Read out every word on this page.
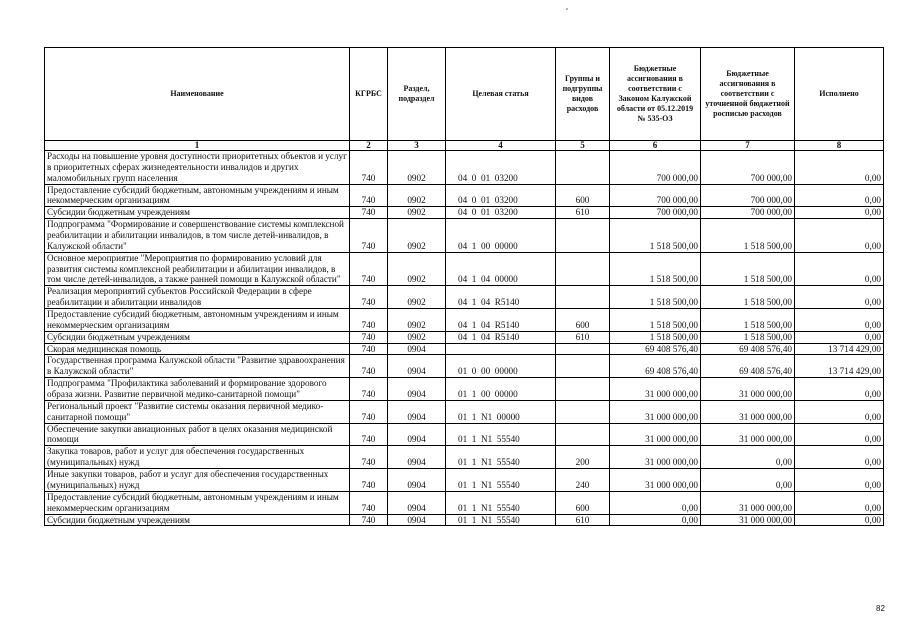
Наименование	КГРБС	Раздел, подраздел	Целевая статья	Группы и подгруппы видов расходов	Бюджетные ассигнования в соответствии с Законом Калужской области от 05.12.2019 № 535-ОЗ	Бюджетные ассигнования в соответствии с уточненной бюджетной росписью расходов	Исполнено
1	2	3	4	5	6	7	8
Расходы на повышение уровня доступности приоритетных объектов и услуг в приоритетных сферах жизнедеятельности инвалидов и других маломобильных групп населения	740	0902	04  0  01  03200		700 000,00	700 000,00	0,00
Предоставление субсидий бюджетным, автономным учреждениям и иным некоммерческим организациям	740	0902	04  0  01  03200	600	700 000,00	700 000,00	0,00
Субсидии бюджетным учреждениям	740	0902	04  0  01  03200	610	700 000,00	700 000,00	0,00
Подпрограмма "Формирование и совершенствование системы комплексной реабилитации и абилитации инвалидов, в том числе детей-инвалидов, в Калужской области"	740	0902	04  1  00  00000		1 518 500,00	1 518 500,00	0,00
Основное мероприятие "Мероприятия по формированию условий для развития системы комплексной реабилитации и абилитации инвалидов, в том числе детей-инвалидов, а также ранней помощи в Калужской области"	740	0902	04  1  04  00000		1 518 500,00	1 518 500,00	0,00
Реализация мероприятий субъектов Российской Федерации в сфере реабилитации и абилитации инвалидов	740	0902	04  1  04  R5140		1 518 500,00	1 518 500,00	0,00
Предоставление субсидий бюджетным, автономным учреждениям и иным некоммерческим организациям	740	0902	04  1  04  R5140	600	1 518 500,00	1 518 500,00	0,00
Субсидии бюджетным учреждениям	740	0902	04  1  04  R5140	610	1 518 500,00	1 518 500,00	0,00
Скорая медицинская помощь	740	0904			69 408 576,40	69 408 576,40	13 714 429,00
Государственная программа Калужской области "Развитие здравоохранения в Калужской области"	740	0904	01  0  00  00000		69 408 576,40	69 408 576,40	13 714 429,00
Подпрограмма "Профилактика заболеваний и формирование здорового образа жизни. Развитие первичной медико-санитарной помощи"	740	0904	01  1  00  00000		31 000 000,00	31 000 000,00	0,00
Региональный проект "Развитие системы оказания первичной медико-санитарной помощи"	740	0904	01  1  N1  00000		31 000 000,00	31 000 000,00	0,00
Обеспечение закупки авиационных работ в целях оказания медицинской помощи	740	0904	01  1  N1  55540		31 000 000,00	31 000 000,00	0,00
Закупка товаров, работ и услуг для обеспечения государственных (муниципальных) нужд	740	0904	01  1  N1  55540	200	31 000 000,00	0,00	0,00
Иные закупки товаров, работ и услуг для обеспечения государственных (муниципальных) нужд	740	0904	01  1  N1  55540	240	31 000 000,00	0,00	0,00
Предоставление субсидий бюджетным, автономным учреждениям и иным некоммерческим организациям	740	0904	01  1  N1  55540	600	0,00	31 000 000,00	0,00
Субсидии бюджетным учреждениям	740	0904	01  1  N1  55540	610	0,00	31 000 000,00	0,00
82
